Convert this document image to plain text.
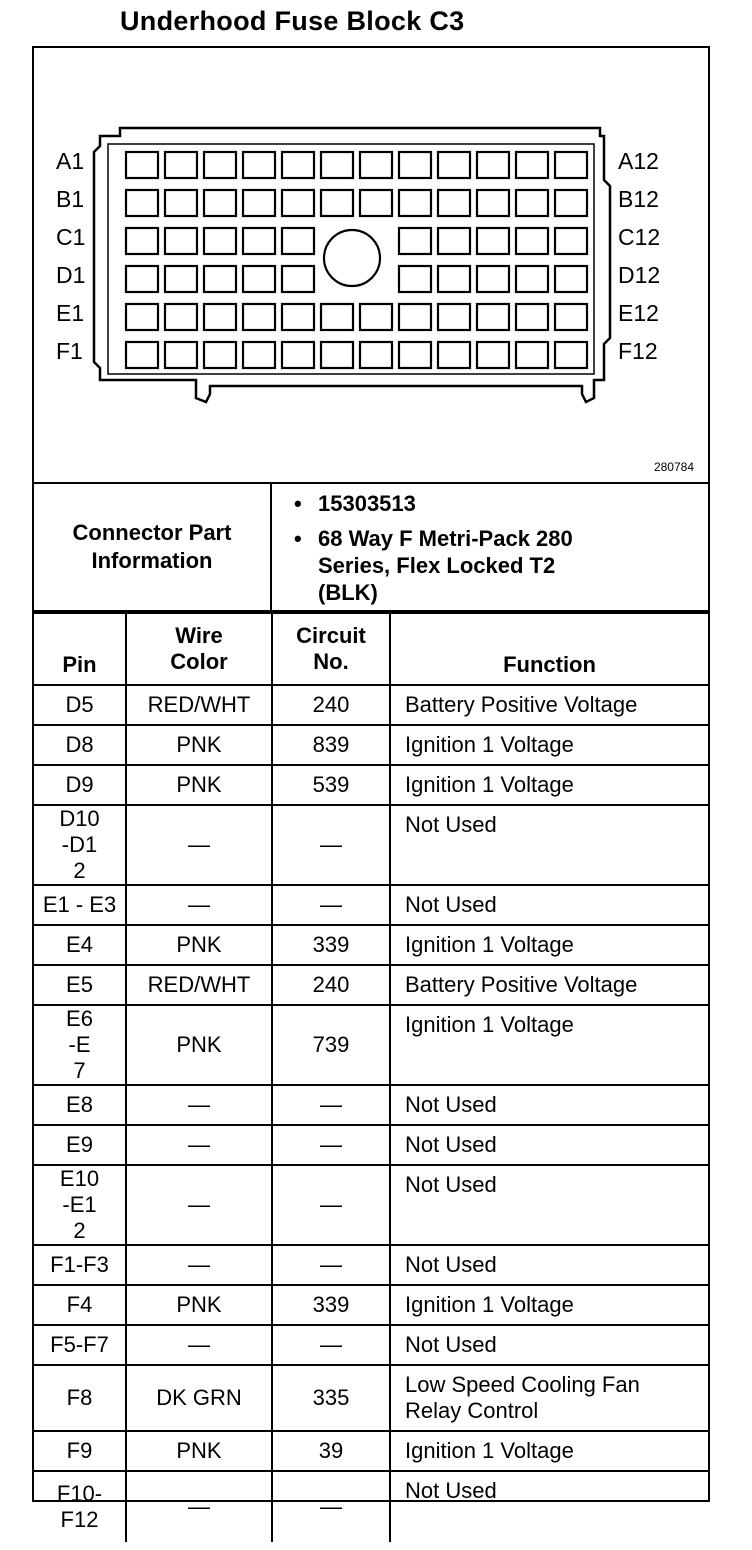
Underhood Fuse Block C3
A1
B1
C1
D1
E1
F1
A12
B12
C12
D12
E12
F12
280784
Connector Part Information
• 15303513
• 68 Way F Metri-Pack 280 Series, Flex Locked T2 (BLK)
Pin	Wire Color	Circuit No.	Function
D5	RED/WHT	240	Battery Positive Voltage
D8	PNK	839	Ignition 1 Voltage
D9	PNK	539	Ignition 1 Voltage
D10-D12	—	—	Not Used
E1 - E3	—	—	Not Used
E4	PNK	339	Ignition 1 Voltage
E5	RED/WHT	240	Battery Positive Voltage
E6-E7	PNK	739	Ignition 1 Voltage
E8	—	—	Not Used
E9	—	—	Not Used
E10-E12	—	—	Not Used
F1-F3	—	—	Not Used
F4	PNK	339	Ignition 1 Voltage
F5-F7	—	—	Not Used
F8	DK GRN	335	Low Speed Cooling Fan Relay Control
F9	PNK	39	Ignition 1 Voltage
F10-F12	—	—	Not Used
